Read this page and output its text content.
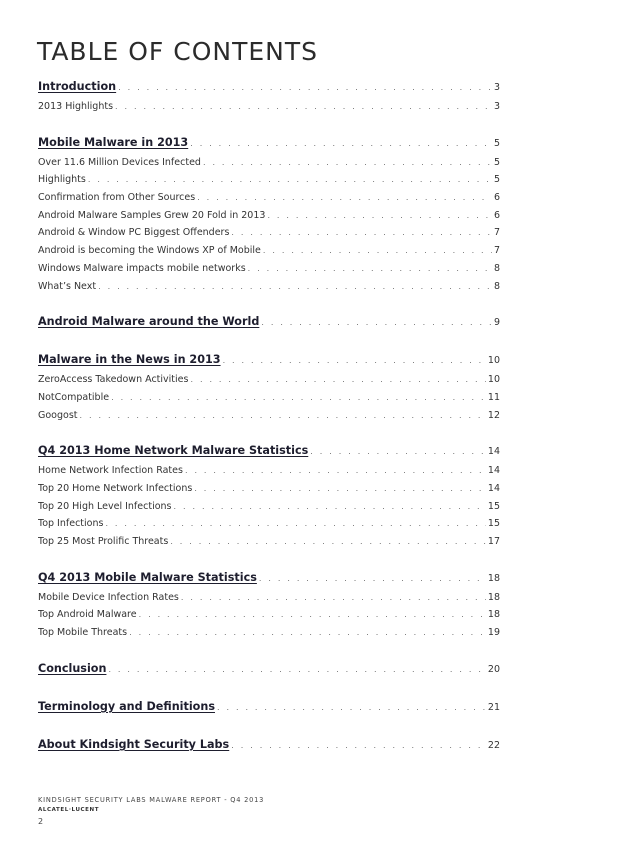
TABLE OF CONTENTS
Introduction . . .	3
2013 Highlights . . .	3
Mobile Malware in 2013 . . .	5
Over 11.6 Million Devices Infected . . .	5
Highlights . . .	5
Confirmation from Other Sources . . .	6
Android Malware Samples Grew 20 Fold in 2013 . . .	6
Android & Window PC Biggest Offenders . . .	7
Android is becoming the Windows XP of Mobile . . .	7
Windows Malware impacts mobile networks . . .	8
What’s Next . . .	8
Android Malware around the World . . .	9
Malware in the News in 2013 . . .	10
ZeroAccess Takedown Activities . . .	10
NotCompatible . . .	11
Googost . . .	12
Q4 2013 Home Network Malware Statistics . . .	14
Home Network Infection Rates . . .	14
Top 20 Home Network Infections . . .	14
Top 20 High Level Infections . . .	15
Top Infections . . .	15
Top 25 Most Prolific Threats . . .	17
Q4 2013 Mobile Malware Statistics . . .	18
Mobile Device Infection Rates . . .	18
Top Android Malware . . .	18
Top Mobile Threats . . .	19
Conclusion . . .	20
Terminology and Definitions . . .	21
About Kindsight Security Labs . . .	22
KINDSIGHT SECURITY LABS MALWARE REPORT - Q4 2013
ALCATEL·LUCENT
2
